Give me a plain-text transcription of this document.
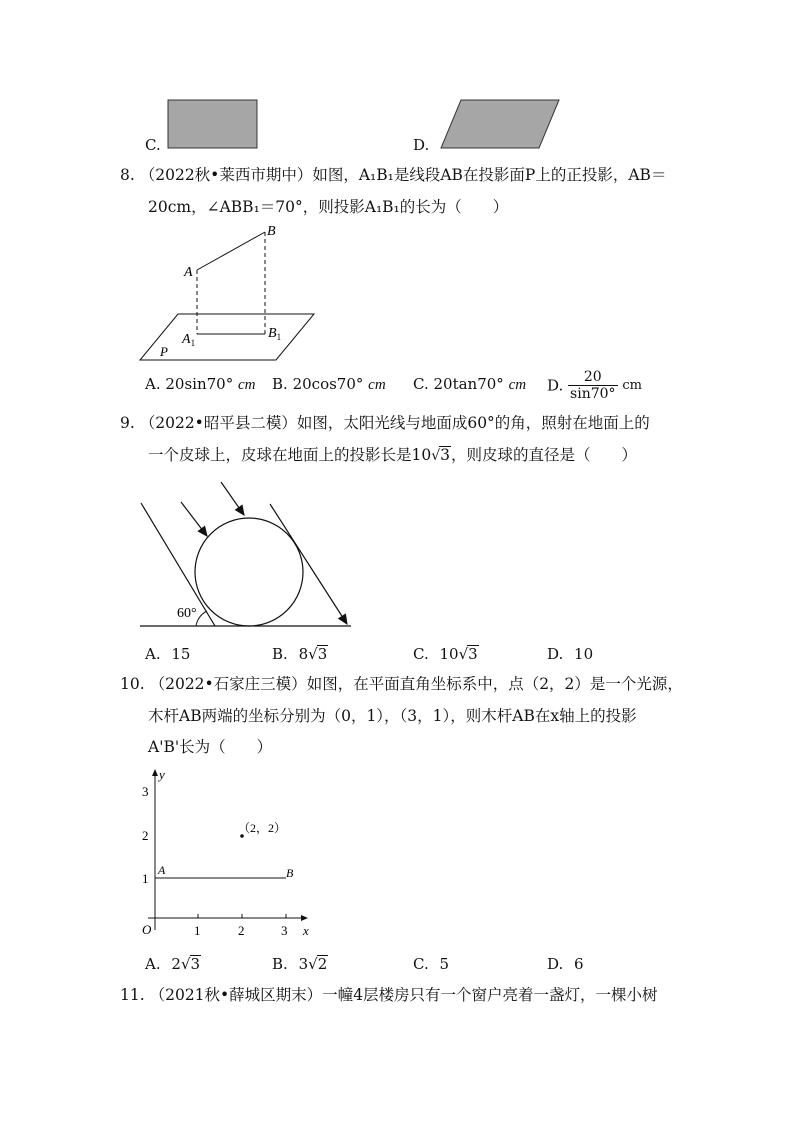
C.	D.
8. （2022秋•莱西市期中）如图，A₁B₁是线段AB在投影面P上的正投影，AB＝
20cm，∠ABB₁＝70°，则投影A₁B₁的长为（　　）
B
A
$A_1$
$B_1$
P
A. 20sin70° cm B. 20cos70° cm C. 20tan70° cm D. $\frac{20}{\sin 70^\circ}$ cm
9. （2022•昭平县二模）如图，太阳光线与地面成60°的角，照射在地面上的
一个皮球上，皮球在地面上的投影长是10√3，则皮球的直径是（　　）
60°
A. 15	B. 8√3	C. 10√3	D. 10
10. （2022•石家庄三模）如图，在平面直角坐标系中，点（2，2）是一个光源，
木杆AB两端的坐标分别为（0，1），（3，1），则木杆AB在x轴上的投影
A'B'长为（　　）
y
x
O	1	2	3
1
2
3
A	B
（2，2）
A. 2√3	B. 3√2	C. 5	D. 6
11. （2021秋•薛城区期末）一幢4层楼房只有一个窗户亮着一盏灯，一棵小树
